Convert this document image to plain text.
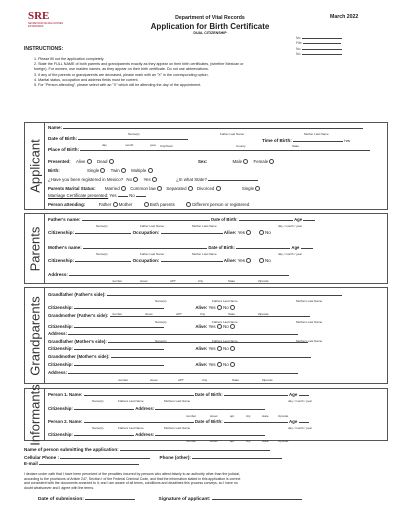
SRE
SECRETARÍA DE RELACIONES EXTERIORES
Department of Vital Records
Application for Birth Certificate
DUAL CITIZENSHIP
March 2022
No.
File:
No.
No.
INSTRUCTIONS:
1. Please fill out the application completely.
2. State the FULL NAME of both parents and grandparents exactly as they appear on their birth certificates, (whether Mexican or
foreign). For women, use maiden names, as they appear on their birth certificate. Do not use abbreviations.
3. If any of the parents or grandparents are deceased, please mark with an "X" in the corresponding option.
4. Marital status, occupation and address fields must be current.
5. For "Person attending", please select with an "X" which will be attending the day of the appointment.
Applicant
Name:
Name(s)	Father Last Name	Mother Last Name
Date of Birth:
day	month	year
Time of Birth:	hrs
Place of Birth:
City/Town	County	State
Presented: Alive	Dead	Sex:	Male	Female
Birth:	Single	Twin	Multiple
¿Have you been registered in Mexico? No	Yes	¿In what State?
Parents Marital Status: Married Common law Separated Divorced	Single
Marriage Certificate presented: Yes	No
Person attending:	Father Mother	Both parents	Different person or registered
Parents
Father's name:	Date of Birth:	Age
Name(s)	Father Last Name	Mother Last Name	day / month / year
Citizenship:	Occupation:	Alive: Yes	No
Mother's name:	Date of Birth:	Age
Name(s)	Father Last Name	Mother Last Name	day / month / year
Citizenship:	Occupation:	Alive: Yes	No
Address:
number	street	APT	City	State	Zipcode
Grandparents
Grandfather (Father's side):
Name(s)	Fathers Last Name	Mothers Last Name
Citizenship:	Alive: Yes No
Grandmother (Father's side):
Name(s)	Fathers Last Name	Mothers Last Name
Citizenship:	Alive: Yes No
Address:
number	street	APT	City	State	Zipcode
Grandfather (Mother's side):
Citizenship:	Alive: Yes No
Grandmother (Mother's side):
Name(s)	Fathers Last Name	Mothers Last Name
Citizenship:	Alive: Yes No
Address:
number	street	APT	City	State	Zipcode
Informants Person 1. Name:	Date of Birth:	Age
Name(s)	Fathers Last Name	Mothers Last Name	day / month / year
Citizenship:	Address:
number	street	apt	city	state	zipcode
Person 2. Name:	Date of Birth:	Age
Name(s)	Fathers Last Name	Mothers Last Name	day / month / year
Citizenship:	Address:
number	street	apt	city	state	zipcode
Name of person submitting the application:
Cellular Phone :	Phone (other):
E-mail
I declare under oath that I have been perceived of the penalties incurred by persons who attest falsely to an authority other than the judicial,
according to the provisions of Article 247, Section I of the Federal Criminal Code, and that the information stated in this application is correct
and consistent with the documents annexed to it, and I am aware of all terms, conditions and deadlines this process conveys, so I have no
doubt whatsoever and I agree with the terms.
Date of submission:	Signature of applicant:
